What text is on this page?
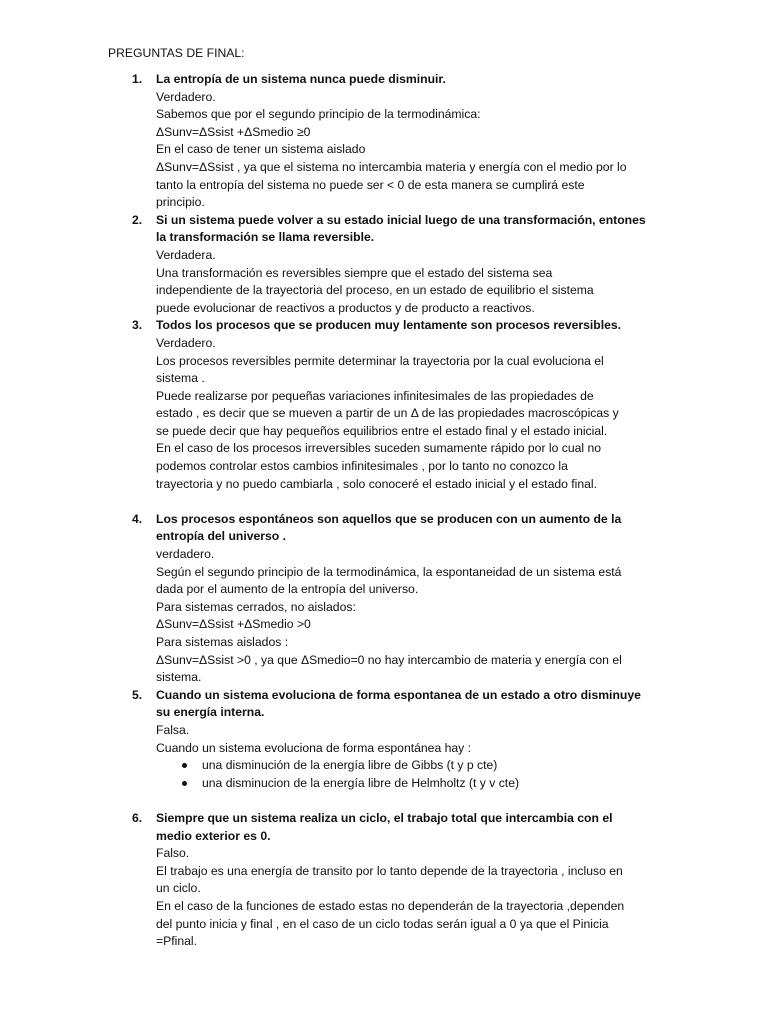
PREGUNTAS DE FINAL:
1. La entropía de un sistema nunca puede disminuir.
Verdadero.
Sabemos que por el segundo principio de la termodinámica:
ΔSunv=ΔSsist +ΔSmedio ≥0
En el caso de tener un sistema aislado
ΔSunv=ΔSsist , ya que el sistema no intercambia materia y energía con el medio por lo
tanto la entropía del sistema no puede ser < 0 de esta manera se cumplirá este
principio.
2. Si un sistema puede volver a su estado inicial luego de una transformación, entones
la transformación se llama reversible.
Verdadera.
Una transformación es reversibles siempre que el estado del sistema sea
independiente de la trayectoria del proceso, en un estado de equilibrio el sistema
puede evolucionar de reactivos a productos y de producto a reactivos.
3. Todos los procesos que se producen muy lentamente son procesos reversibles.
Verdadero.
Los procesos reversibles permite determinar la trayectoria por la cual evoluciona el
sistema .
Puede realizarse por pequeñas variaciones infinitesimales de las propiedades de
estado , es decir que se mueven a partir de un Δ de las propiedades macroscópicas y
se puede decir que hay pequeños equilibrios entre el estado final y el estado inicial.
En el caso de los procesos irreversibles suceden sumamente rápido por lo cual no
podemos controlar estos cambios infinitesimales , por lo tanto no conozco la
trayectoria y no puedo cambiarla , solo conoceré el estado inicial y el estado final.
4. Los procesos espontáneos son aquellos que se producen con un aumento de la
entropía del universo .
verdadero.
Según el segundo principio de la termodinámica, la espontaneidad de un sistema está
dada por el aumento de la entropía del universo.
Para sistemas cerrados, no aislados:
ΔSunv=ΔSsist +ΔSmedio >0
Para sistemas aislados :
ΔSunv=ΔSsist >0 , ya que ΔSmedio=0 no hay intercambio de materia y energía con el
sistema.
5. Cuando un sistema evoluciona de forma espontanea de un estado a otro disminuye
su energía interna.
Falsa.
Cuando un sistema evoluciona de forma espontánea hay :
una disminución de la energía libre de Gibbs (t y p cte)
una disminucion de la energía libre de Helmholtz (t y v cte)
6. Siempre que un sistema realiza un ciclo, el trabajo total que intercambia con el
medio exterior es 0.
Falso.
El trabajo es una energía de transito por lo tanto depende de la trayectoria , incluso en
un ciclo.
En el caso de la funciones de estado estas no dependerán de la trayectoria ,dependen
del punto inicia y final , en el caso de un ciclo todas serán igual a 0 ya que el Pinicia
=Pfinal.
